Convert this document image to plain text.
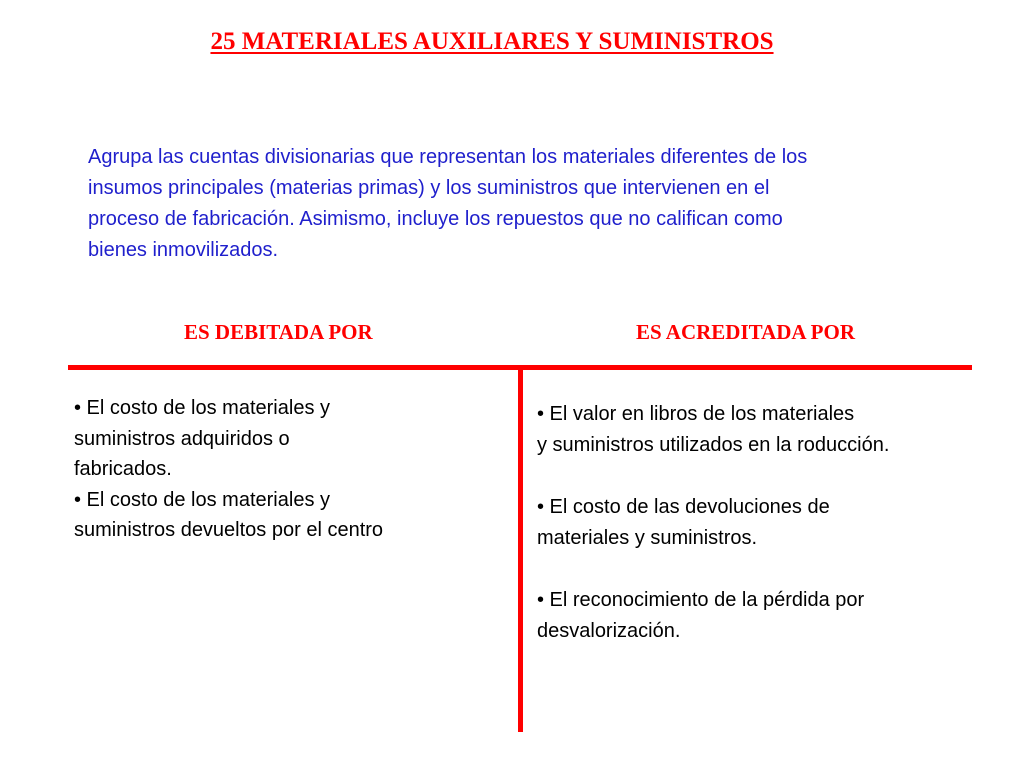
25 MATERIALES AUXILIARES Y SUMINISTROS
Agrupa las cuentas divisionarias que representan los materiales diferentes de los
insumos principales (materias primas) y los suministros que intervienen en el
proceso de fabricación. Asimismo, incluye los repuestos que no califican como
bienes inmovilizados.
ES DEBITADA POR	ES ACREDITADA POR
• El costo de los materiales y
suministros adquiridos o
fabricados.
• El costo de los materiales y
suministros devueltos por el centro
• El valor en libros de los materiales
y suministros utilizados en la roducción.
• El costo de las devoluciones de
materiales y suministros.
• El reconocimiento de la pérdida por
desvalorización.
